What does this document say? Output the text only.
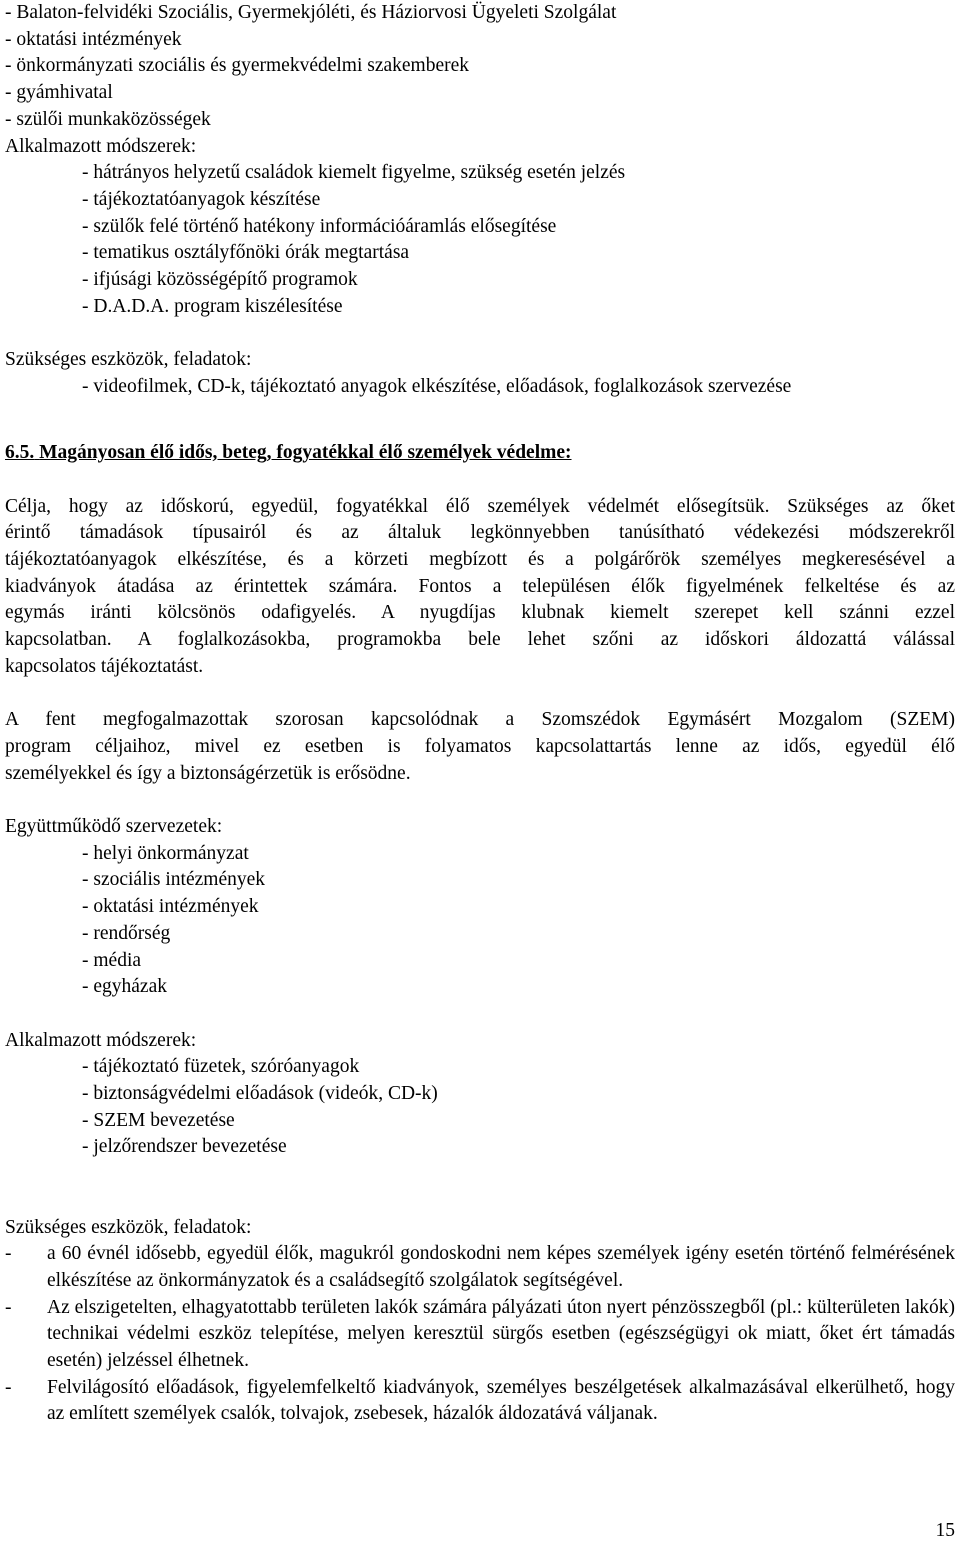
- Balaton-felvidéki Szociális, Gyermekjóléti, és Háziorvosi Ügyeleti Szolgálat
- oktatási intézmények
- önkormányzati szociális és gyermekvédelmi szakemberek
- gyámhivatal
- szülői munkaközösségek
Alkalmazott módszerek:
- hátrányos helyzetű családok kiemelt figyelme, szükség esetén jelzés
- tájékoztatóanyagok készítése
- szülők felé történő hatékony információáramlás elősegítése
- tematikus osztályfőnöki órák megtartása
- ifjúsági közösségépítő programok
- D.A.D.A. program kiszélesítése
Szükséges eszközök, feladatok:
- videofilmek, CD-k, tájékoztató anyagok elkészítése, előadások, foglalkozások szervezése
6.5. Magányosan élő idős, beteg, fogyatékkal élő személyek védelme:
Célja, hogy az időskorú, egyedül, fogyatékkal élő személyek védelmét elősegítsük. Szükséges az őket
érintő támadások típusairól és az általuk legkönnyebben tanúsítható védekezési módszerekről
tájékoztatóanyagok elkészítése, és a körzeti megbízott és a polgárőrök személyes megkeresésével a
kiadványok átadása az érintettek számára. Fontos a településen élők figyelmének felkeltése és az
egymás iránti kölcsönös odafigyelés. A nyugdíjas klubnak kiemelt szerepet kell szánni ezzel
kapcsolatban. A foglalkozásokba, programokba bele lehet szőni az időskori áldozattá válással
kapcsolatos tájékoztatást.
A fent megfogalmazottak szorosan kapcsolódnak a Szomszédok Egymásért Mozgalom (SZEM)
program céljaihoz, mivel ez esetben is folyamatos kapcsolattartás lenne az idős, egyedül élő
személyekkel és így a biztonságérzetük is erősödne.
Együttműködő szervezetek:
- helyi önkormányzat
- szociális intézmények
- oktatási intézmények
- rendőrség
- média
- egyházak
Alkalmazott módszerek:
- tájékoztató füzetek, szóróanyagok
- biztonságvédelmi előadások (videók, CD-k)
- SZEM bevezetése
- jelzőrendszer bevezetése
Szükséges eszközök, feladatok:
-	a 60 évnél idősebb, egyedül élők, magukról gondoskodni nem képes személyek igény esetén történő felmérésének elkészítése az önkormányzatok és a családsegítő szolgálatok segítségével.
-	Az elszigetelten, elhagyatottabb területen lakók számára pályázati úton nyert pénzösszegből (pl.: külterületen lakók) technikai védelmi eszköz telepítése, melyen keresztül sürgős esetben (egészségügyi ok miatt, őket ért támadás esetén) jelzéssel élhetnek.
-	Felvilágosító előadások, figyelemfelkeltő kiadványok, személyes beszélgetések alkalmazásával elkerülhető, hogy az említett személyek csalók, tolvajok, zsebesek, házalók áldozatává váljanak.
15
